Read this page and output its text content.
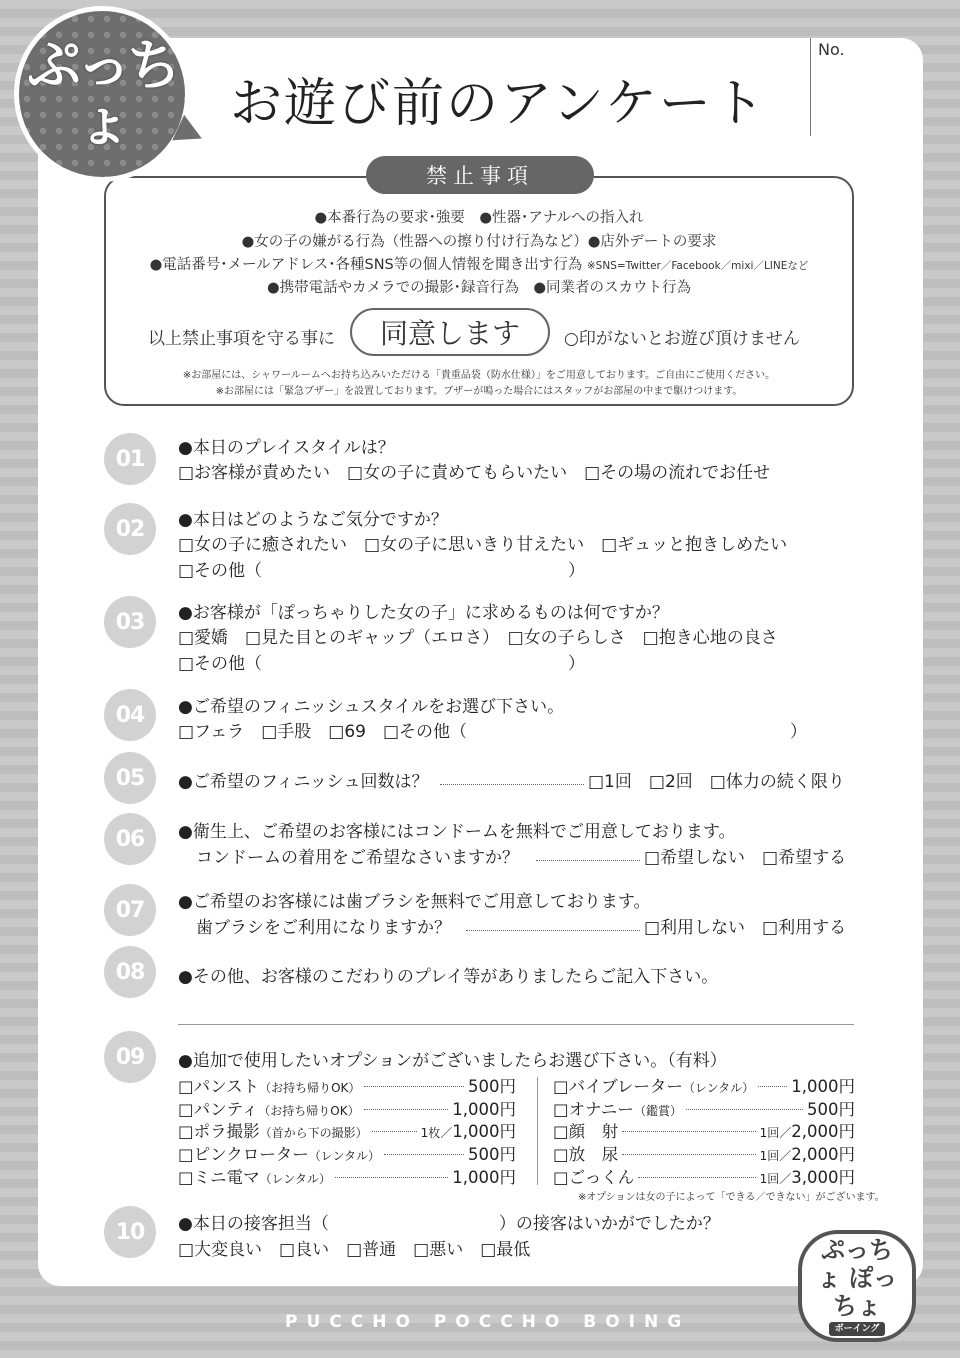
ぷっちょ	お遊び前のアンケート
No.
禁止事項
●本番行為の要求･強要　●性器･アナルへの指入れ
●女の子の嫌がる行為（性器への擦り付け行為など）●店外デートの要求
●電話番号･メールアドレス･各種SNS等の個人情報を聞き出す行為 ※SNS=Twitter／Facebook／mixi／LINEなど
●携帯電話やカメラでの撮影･録音行為　●同業者のスカウト行為
以上禁止事項を守る事に	同意します	○印がないとお遊び頂けません
※お部屋には、シャワールームへお持ち込みいただける「貴重品袋（防水仕様）」をご用意しております。ご自由にご使用ください。
※お部屋には「緊急ブザー」を設置しております。ブザーが鳴った場合にはスタッフがお部屋の中まで駆けつけます。
01	●本日のプレイスタイルは？
□お客様が責めたい　□女の子に責めてもらいたい　□その場の流れでお任せ
02	●本日はどのようなご気分ですか？
□女の子に癒されたい　□女の子に思いきり甘えたい　□ギュッと抱きしめたい
□その他（　　　　　　　　　　　　　　　　　　）
03	●お客様が「ぽっちゃりした女の子」に求めるものは何ですか？
□愛嬌　□見た目とのギャップ（エロさ）　□女の子らしさ　□抱き心地の良さ
□その他（　　　　　　　　　　　　　　　　　　）
04	●ご希望のフィニッシュスタイルをお選び下さい。
□フェラ　□手股　□69　□その他（　　　　　　　　　　　　　　　　　　　）
05	●ご希望のフィニッシュ回数は？	□1回　□2回　□体力の続く限り
06	●衛生上、ご希望のお客様にはコンドームを無料でご用意しております。
コンドームの着用をご希望なさいますか？	□希望しない　□希望する
07	●ご希望のお客様には歯ブラシを無料でご用意しております。
歯ブラシをご利用になりますか？	□利用しない　□利用する
08	●その他、お客様のこだわりのプレイ等がありましたらご記入下さい。
09	●追加で使用したいオプションがございましたらお選び下さい。（有料）
□パンスト（お持ち帰りOK）	500円
□パンティ（お持ち帰りOK）	1,000円
□ポラ撮影（首から下の撮影）	1枚／1,000円
□ピンクローター（レンタル）	500円
□ミニ電マ（レンタル）	1,000円
□バイブレーター（レンタル） 1,000円
□オナニー（鑑賞）	500円
□顔　射	1回／2,000円
□放　尿	1回／2,000円
□ごっくん	1回／3,000円
※オプションは女の子によって「できる／できない」がございます。
10	●本日の接客担当（　　　　　　　　　　）の接客はいかがでしたか？
□大変良い　□良い　□普通　□悪い　□最低
PUCCHO POCCHO BOING
ぷっちょ ぽっちょ
ボーイング
